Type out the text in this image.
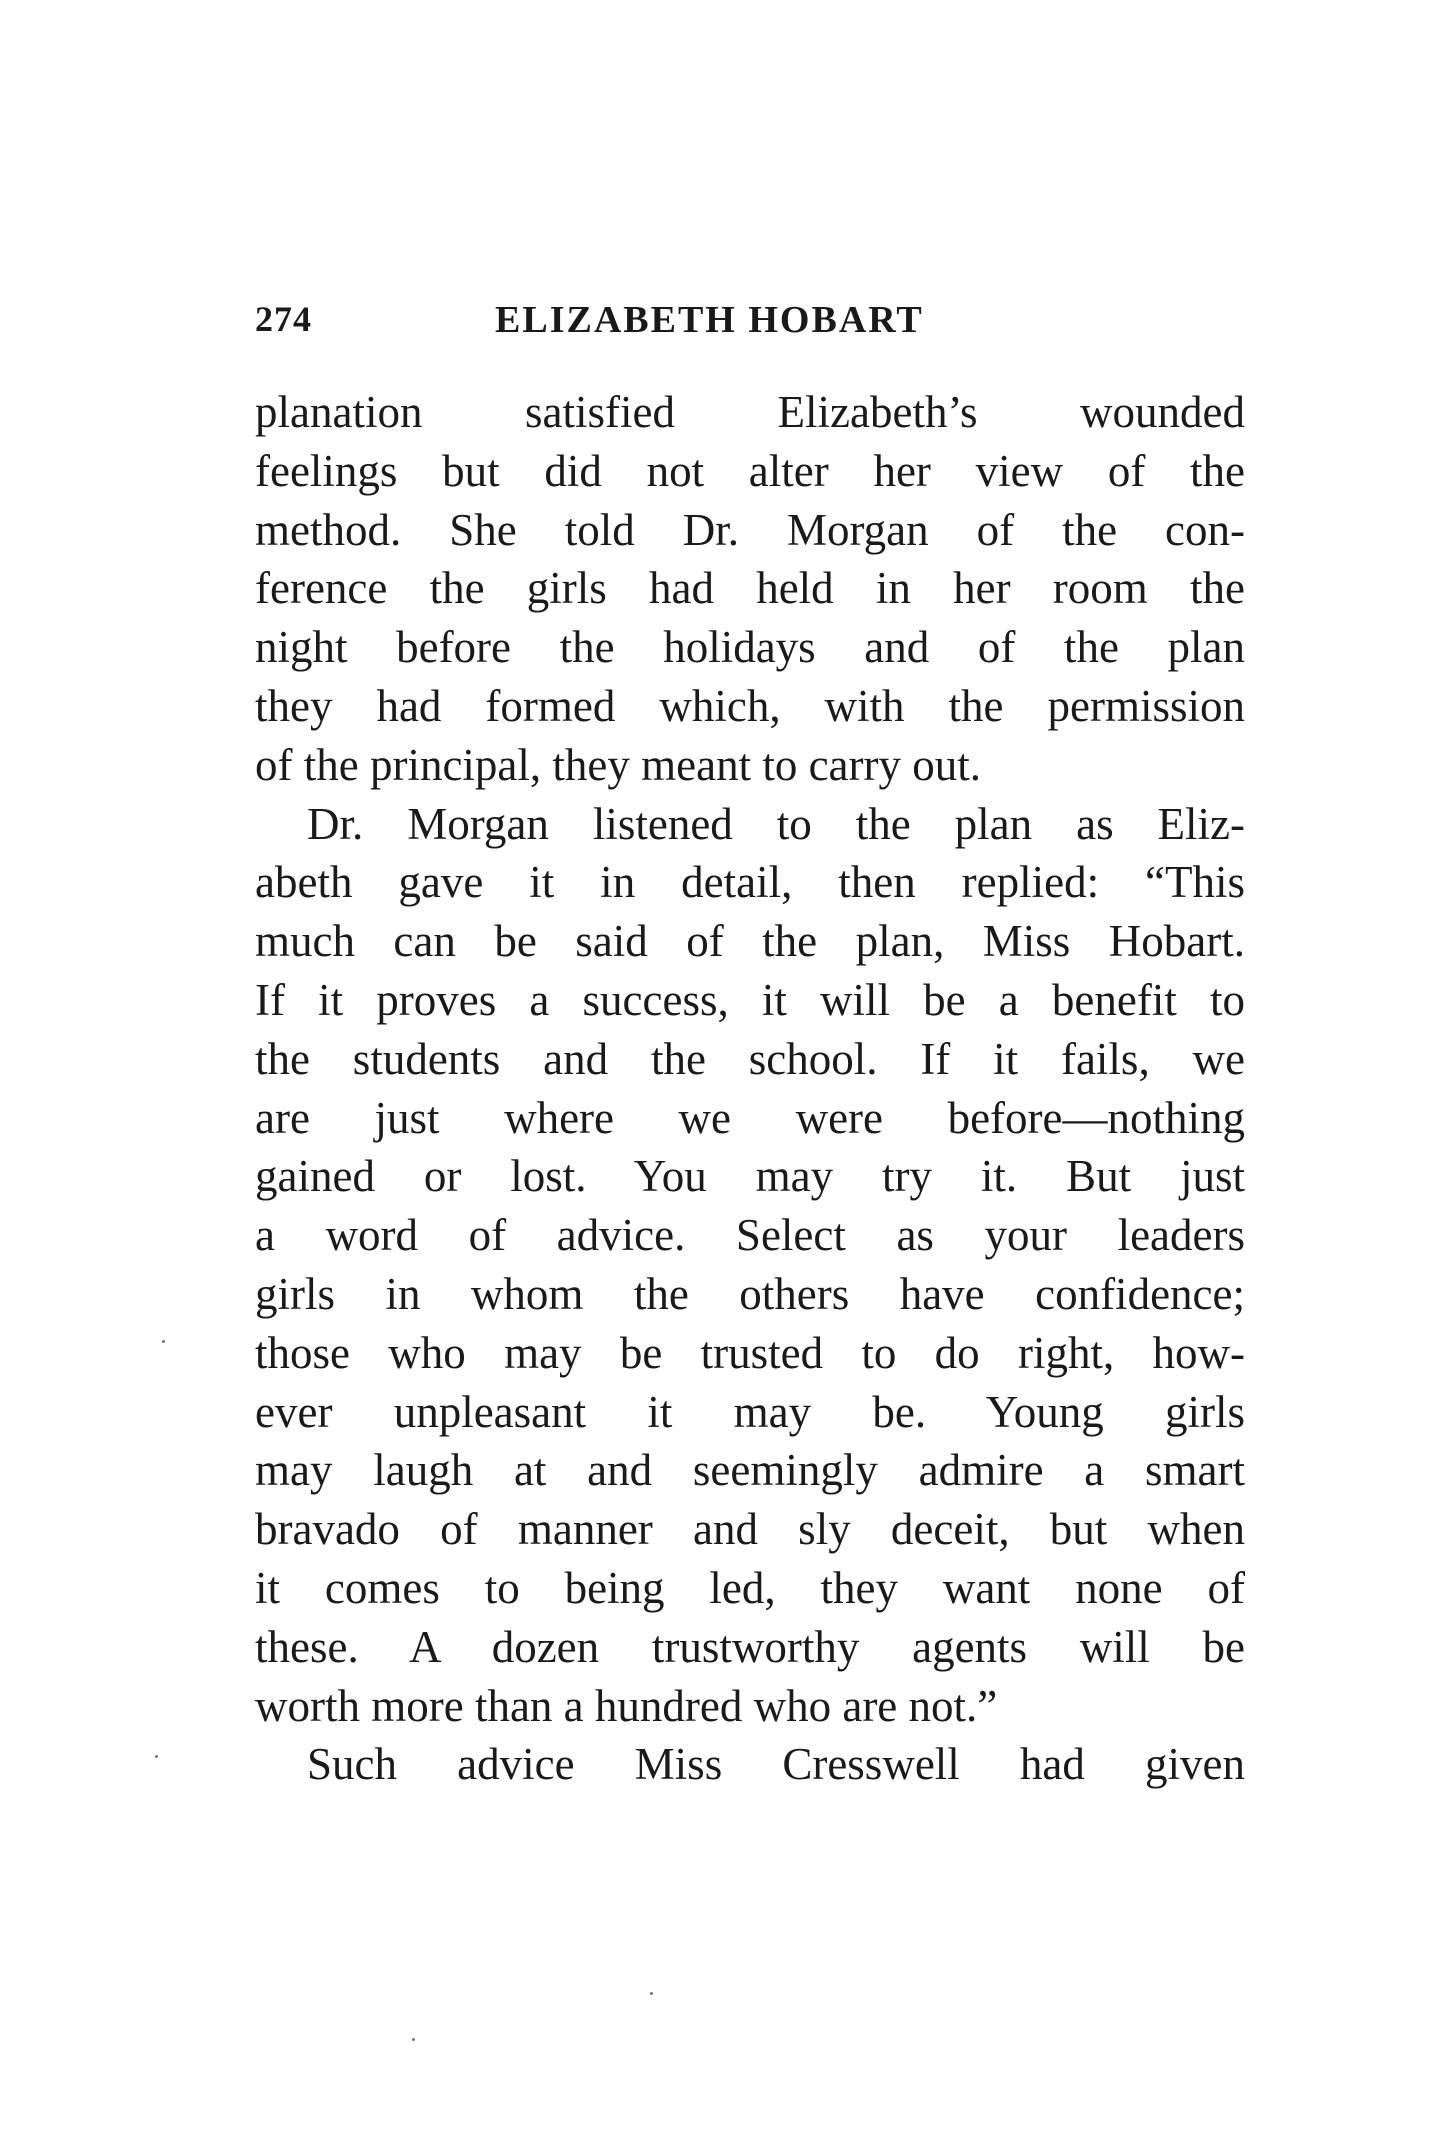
274	ELIZABETH HOBART
planation satisfied Elizabeth’s wounded
feelings but did not alter her view of the
method. She told Dr. Morgan of the con-
ference the girls had held in her room the
night before the holidays and of the plan
they had formed which, with the permission
of the principal, they meant to carry out.
Dr. Morgan listened to the plan as Eliz-
abeth gave it in detail, then replied: “This
much can be said of the plan, Miss Hobart.
If it proves a success, it will be a benefit to
the students and the school. If it fails, we
are just where we were before—nothing
gained or lost. You may try it. But just
a word of advice. Select as your leaders
girls in whom the others have confidence;
those who may be trusted to do right, how-
ever unpleasant it may be. Young girls
may laugh at and seemingly admire a smart
bravado of manner and sly deceit, but when
it comes to being led, they want none of
these. A dozen trustworthy agents will be
worth more than a hundred who are not.”
Such advice Miss Cresswell had given
